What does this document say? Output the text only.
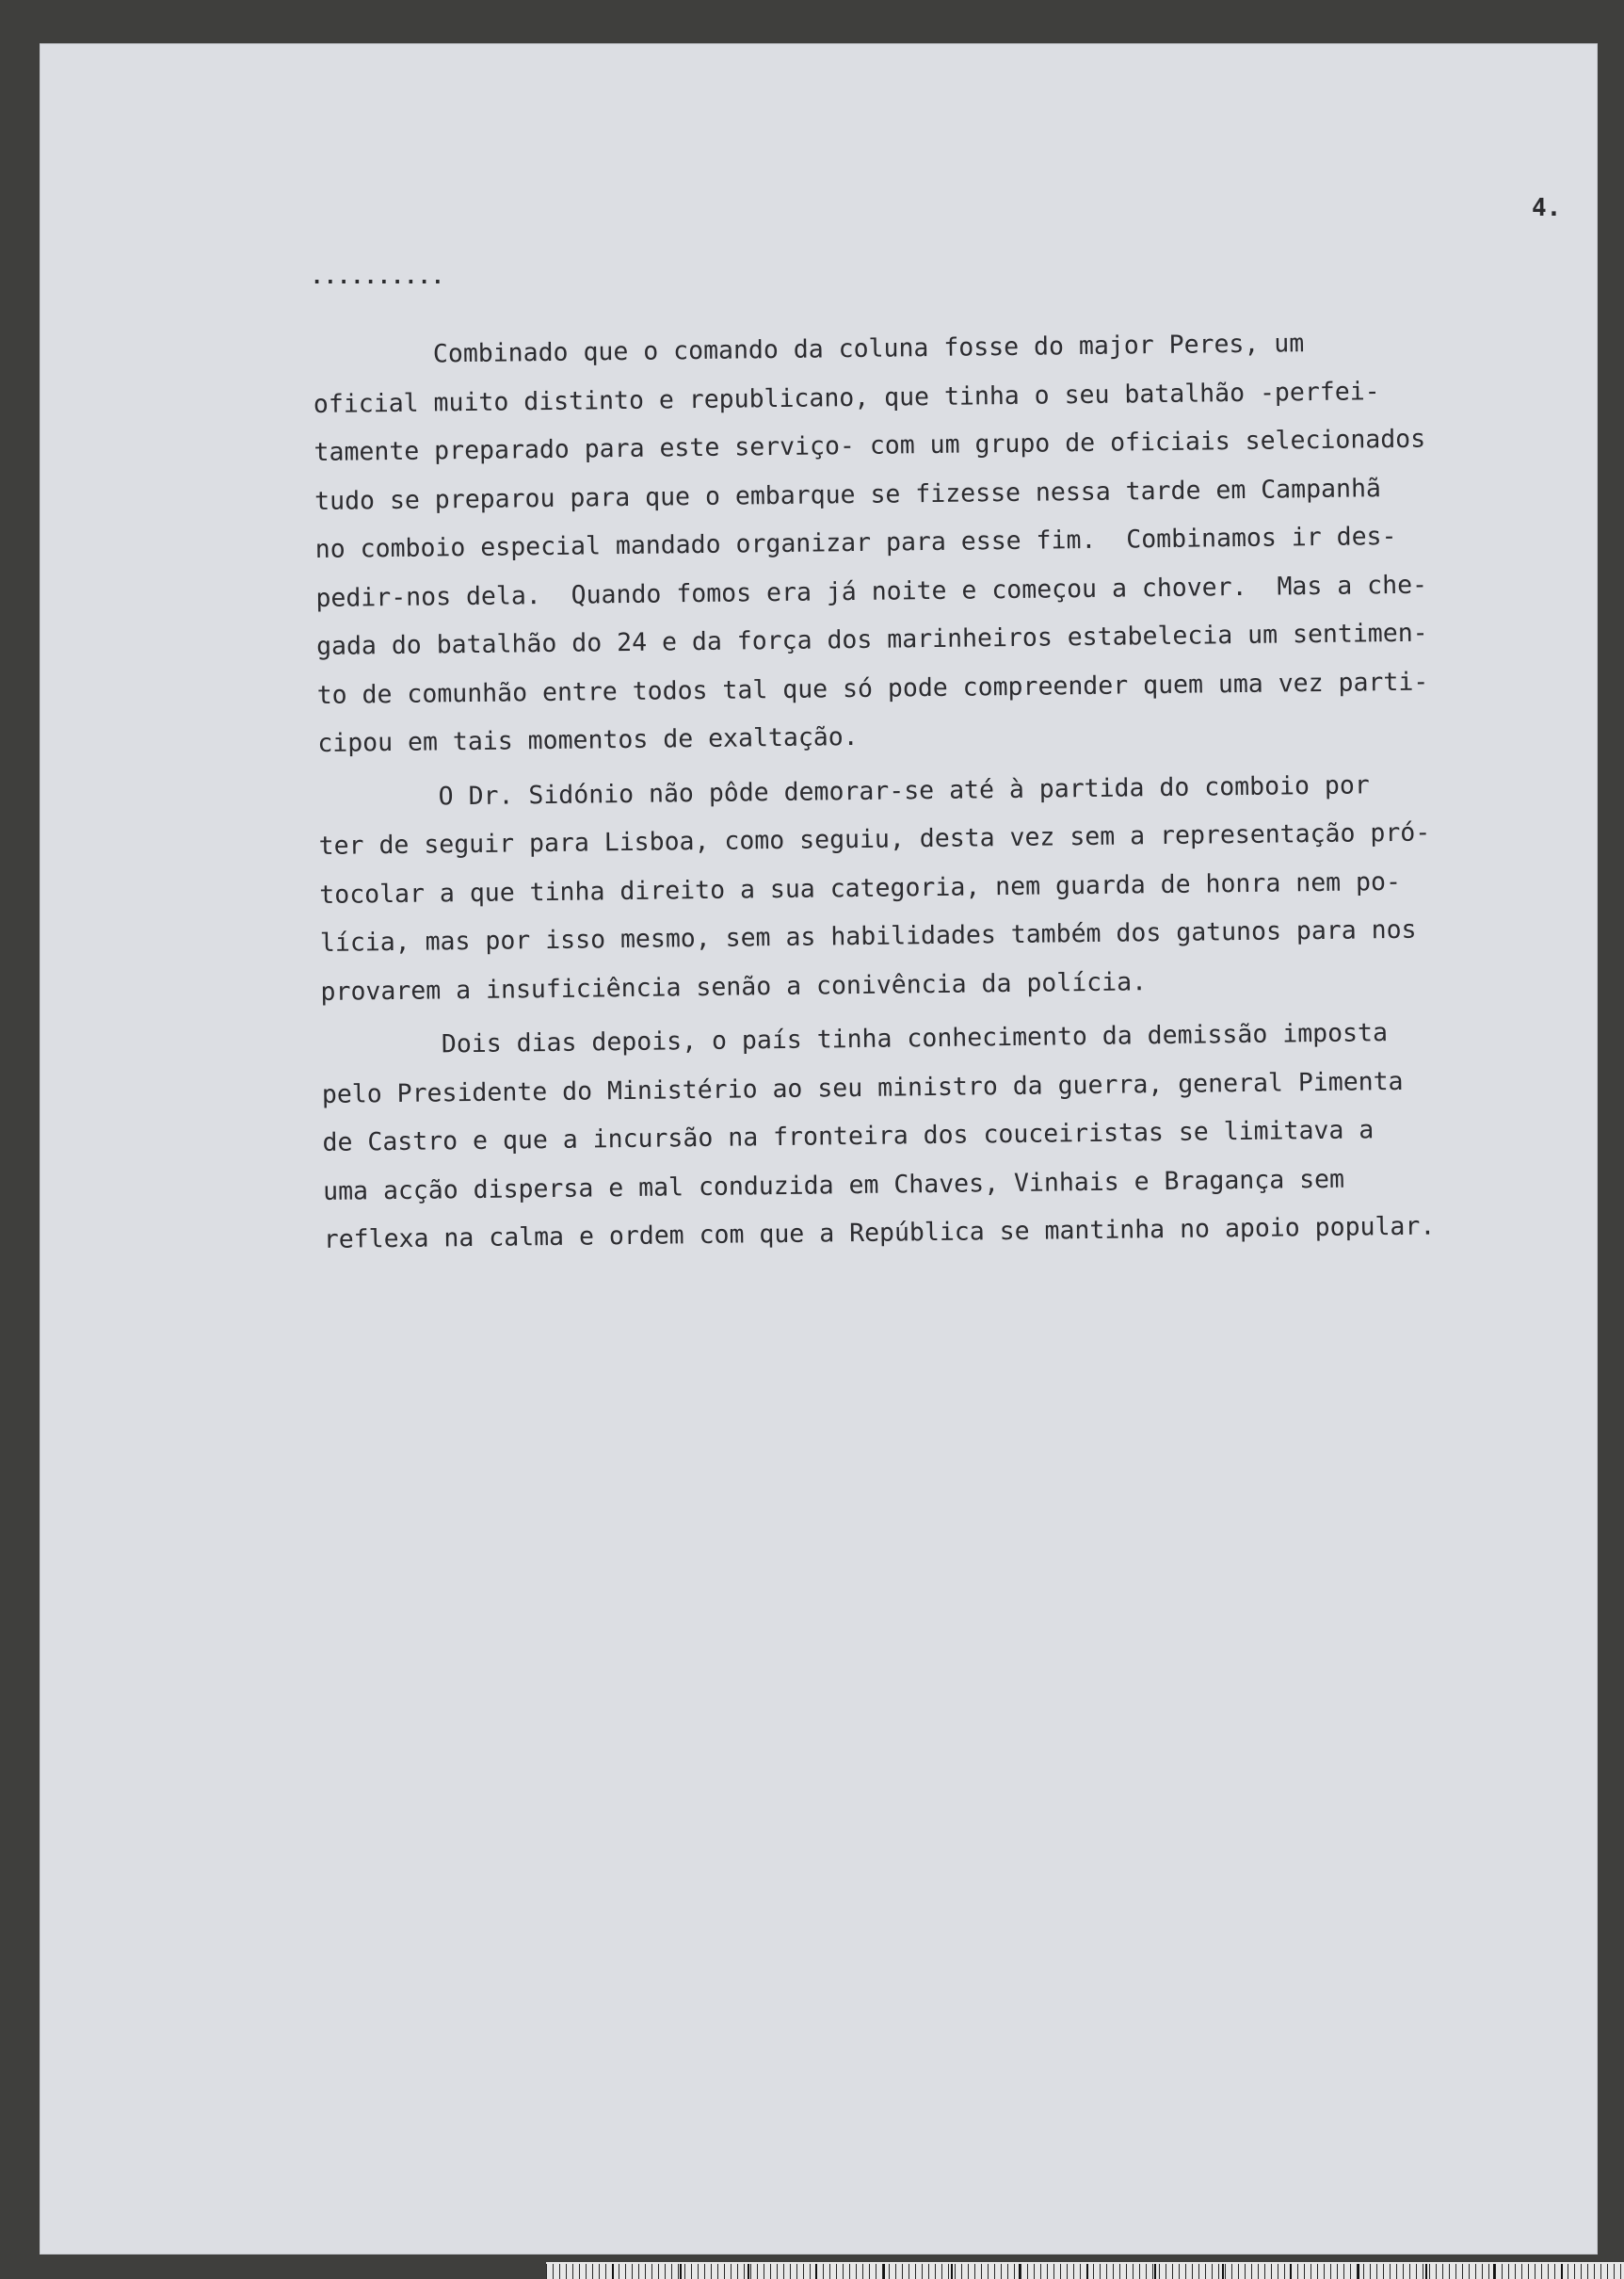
4.
..........
Combinado que o comando da coluna fosse do major Peres, um
oficial muito distinto e republicano, que tinha o seu batalhão -perfei-
tamente preparado para este serviço- com um grupo de oficiais selecionados
tudo se preparou para que o embarque se fizesse nessa tarde em Campanhã
no comboio especial mandado organizar para esse fim.  Combinamos ir des-
pedir-nos dela.  Quando fomos era já noite e começou a chover.  Mas a che-
gada do batalhão do 24 e da força dos marinheiros estabelecia um sentimen-
to de comunhão entre todos tal que só pode compreender quem uma vez parti-
cipou em tais momentos de exaltação.
O Dr. Sidónio não pôde demorar-se até à partida do comboio por
ter de seguir para Lisboa, como seguiu, desta vez sem a representação pró-
tocolar a que tinha direito a sua categoria, nem guarda de honra nem po-
lícia, mas por isso mesmo, sem as habilidades também dos gatunos para nos
provarem a insuficiência senão a conivência da polícia.
Dois dias depois, o país tinha conhecimento da demissão imposta
pelo Presidente do Ministério ao seu ministro da guerra, general Pimenta
de Castro e que a incursão na fronteira dos couceiristas se limitava a
uma acção dispersa e mal conduzida em Chaves, Vinhais e Bragança sem
reflexa na calma e ordem com que a República se mantinha no apoio popular.
